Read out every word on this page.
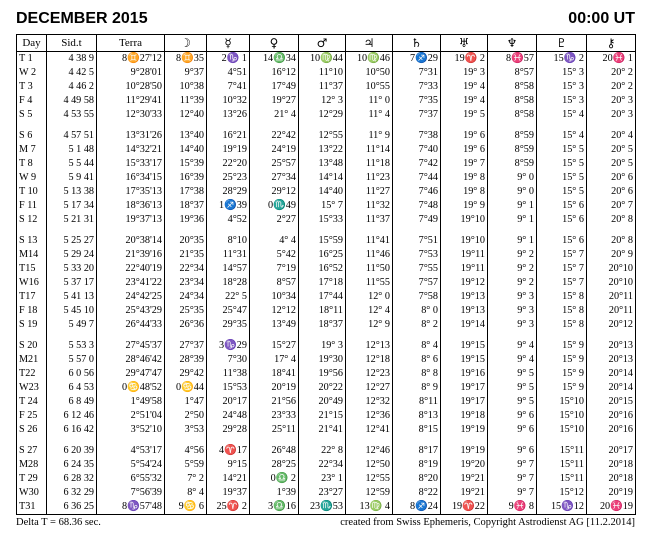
DECEMBER 2015	00:00 UT
Day	Sid.t	Terra	☽	☿	♀	♂	♃	♄	♅	♆	♇	⚷
T 1	4 38 9	8♊27'12	8♊35	2♑ 1	14♎34	10♍44	10♍46	7♐29	19♈ 2	8♓57	15♑ 2	20♓ 1
W 2	4 42 5	9°28'01	9°37	4°51	16°12	11°10	10°50	7°31	19° 3	8°57	15° 3	20° 2
T 3	4 46 2	10°28'50	10°38	7°41	17°49	11°37	10°55	7°33	19° 4	8°58	15° 3	20° 2
F 4	4 49 58	11°29'41	11°39	10°32	19°27	12° 3	11° 0	7°35	19° 4	8°58	15° 3	20° 3
S 5	4 53 55	12°30'33	12°40	13°26	21° 4	12°29	11° 4	7°37	19° 5	8°58	15° 4	20° 3

S 6	4 57 51	13°31'26	13°40	16°21	22°42	12°55	11° 9	7°38	19° 6	8°59	15° 4	20° 4
M 7	5 1 48	14°32'21	14°40	19°19	24°19	13°22	11°14	7°40	19° 6	8°59	15° 5	20° 5
T 8	5 5 44	15°33'17	15°39	22°20	25°57	13°48	11°18	7°42	19° 7	8°59	15° 5	20° 5
W 9	5 9 41	16°34'15	16°39	25°23	27°34	14°14	11°23	7°44	19° 8	9° 0	15° 5	20° 6
T 10	5 13 38	17°35'13	17°38	28°29	29°12	14°40	11°27	7°46	19° 8	9° 0	15° 5	20° 6
F 11	5 17 34	18°36'13	18°37	1♐39	0♏49	15° 7	11°32	7°48	19° 9	9° 1	15° 6	20° 7
S 12	5 21 31	19°37'13	19°36	4°52	2°27	15°33	11°37	7°49	19°10	9° 1	15° 6	20° 8

S 13	5 25 27	20°38'14	20°35	8°10	4° 4	15°59	11°41	7°51	19°10	9° 1	15° 6	20° 8
M14	5 29 24	21°39'16	21°35	11°31	5°42	16°25	11°46	7°53	19°11	9° 2	15° 7	20° 9
T15	5 33 20	22°40'19	22°34	14°57	7°19	16°52	11°50	7°55	19°11	9° 2	15° 7	20°10
W16	5 37 17	23°41'22	23°34	18°28	8°57	17°18	11°55	7°57	19°12	9° 2	15° 7	20°10
T17	5 41 13	24°42'25	24°34	22° 5	10°34	17°44	12° 0	7°58	19°13	9° 3	15° 8	20°11
F 18	5 45 10	25°43'29	25°35	25°47	12°12	18°11	12° 4	8° 0	19°13	9° 3	15° 8	20°11
S 19	5 49 7	26°44'33	26°36	29°35	13°49	18°37	12° 9	8° 2	19°14	9° 3	15° 8	20°12

S 20	5 53 3	27°45'37	27°37	3♑29	15°27	19° 3	12°13	8° 4	19°15	9° 4	15° 9	20°13
M21	5 57 0	28°46'42	28°39	7°30	17° 4	19°30	12°18	8° 6	19°15	9° 4	15° 9	20°13
T22	6 0 56	29°47'47	29°42	11°38	18°41	19°56	12°23	8° 8	19°16	9° 5	15° 9	20°14
W23	6 4 53	0♋48'52	0♋44	15°53	20°19	20°22	12°27	8° 9	19°17	9° 5	15° 9	20°14
T 24	6 8 49	1°49'58	1°47	20°17	21°56	20°49	12°32	8°11	19°17	9° 5	15°10	20°15
F 25	6 12 46	2°51'04	2°50	24°48	23°33	21°15	12°36	8°13	19°18	9° 6	15°10	20°16
S 26	6 16 42	3°52'10	3°53	29°28	25°11	21°41	12°41	8°15	19°19	9° 6	15°10	20°16

S 27	6 20 39	4°53'17	4°56	4♈17	26°48	22° 8	12°46	8°17	19°19	9° 6	15°11	20°17
M28	6 24 35	5°54'24	5°59	9°15	28°25	22°34	12°50	8°19	19°20	9° 7	15°11	20°18
T 29	6 28 32	6°55'32	7° 2	14°21	0♎ 2	23° 1	12°55	8°20	19°21	9° 7	15°11	20°18
W30	6 32 29	7°56'39	8° 4	19°37	1°39	23°27	12°59	8°22	19°21	9° 7	15°12	20°19
T31	6 36 25	8♑57'48	9♋ 6	25♈ 2	3♎16	23♏53	13♍ 4	8♐24	19♈22	9♓ 8	15♑12	20♓19
Delta T = 68.36 sec.	created from Swiss Ephemeris, Copyright Astrodienst AG [11.2.2014]
